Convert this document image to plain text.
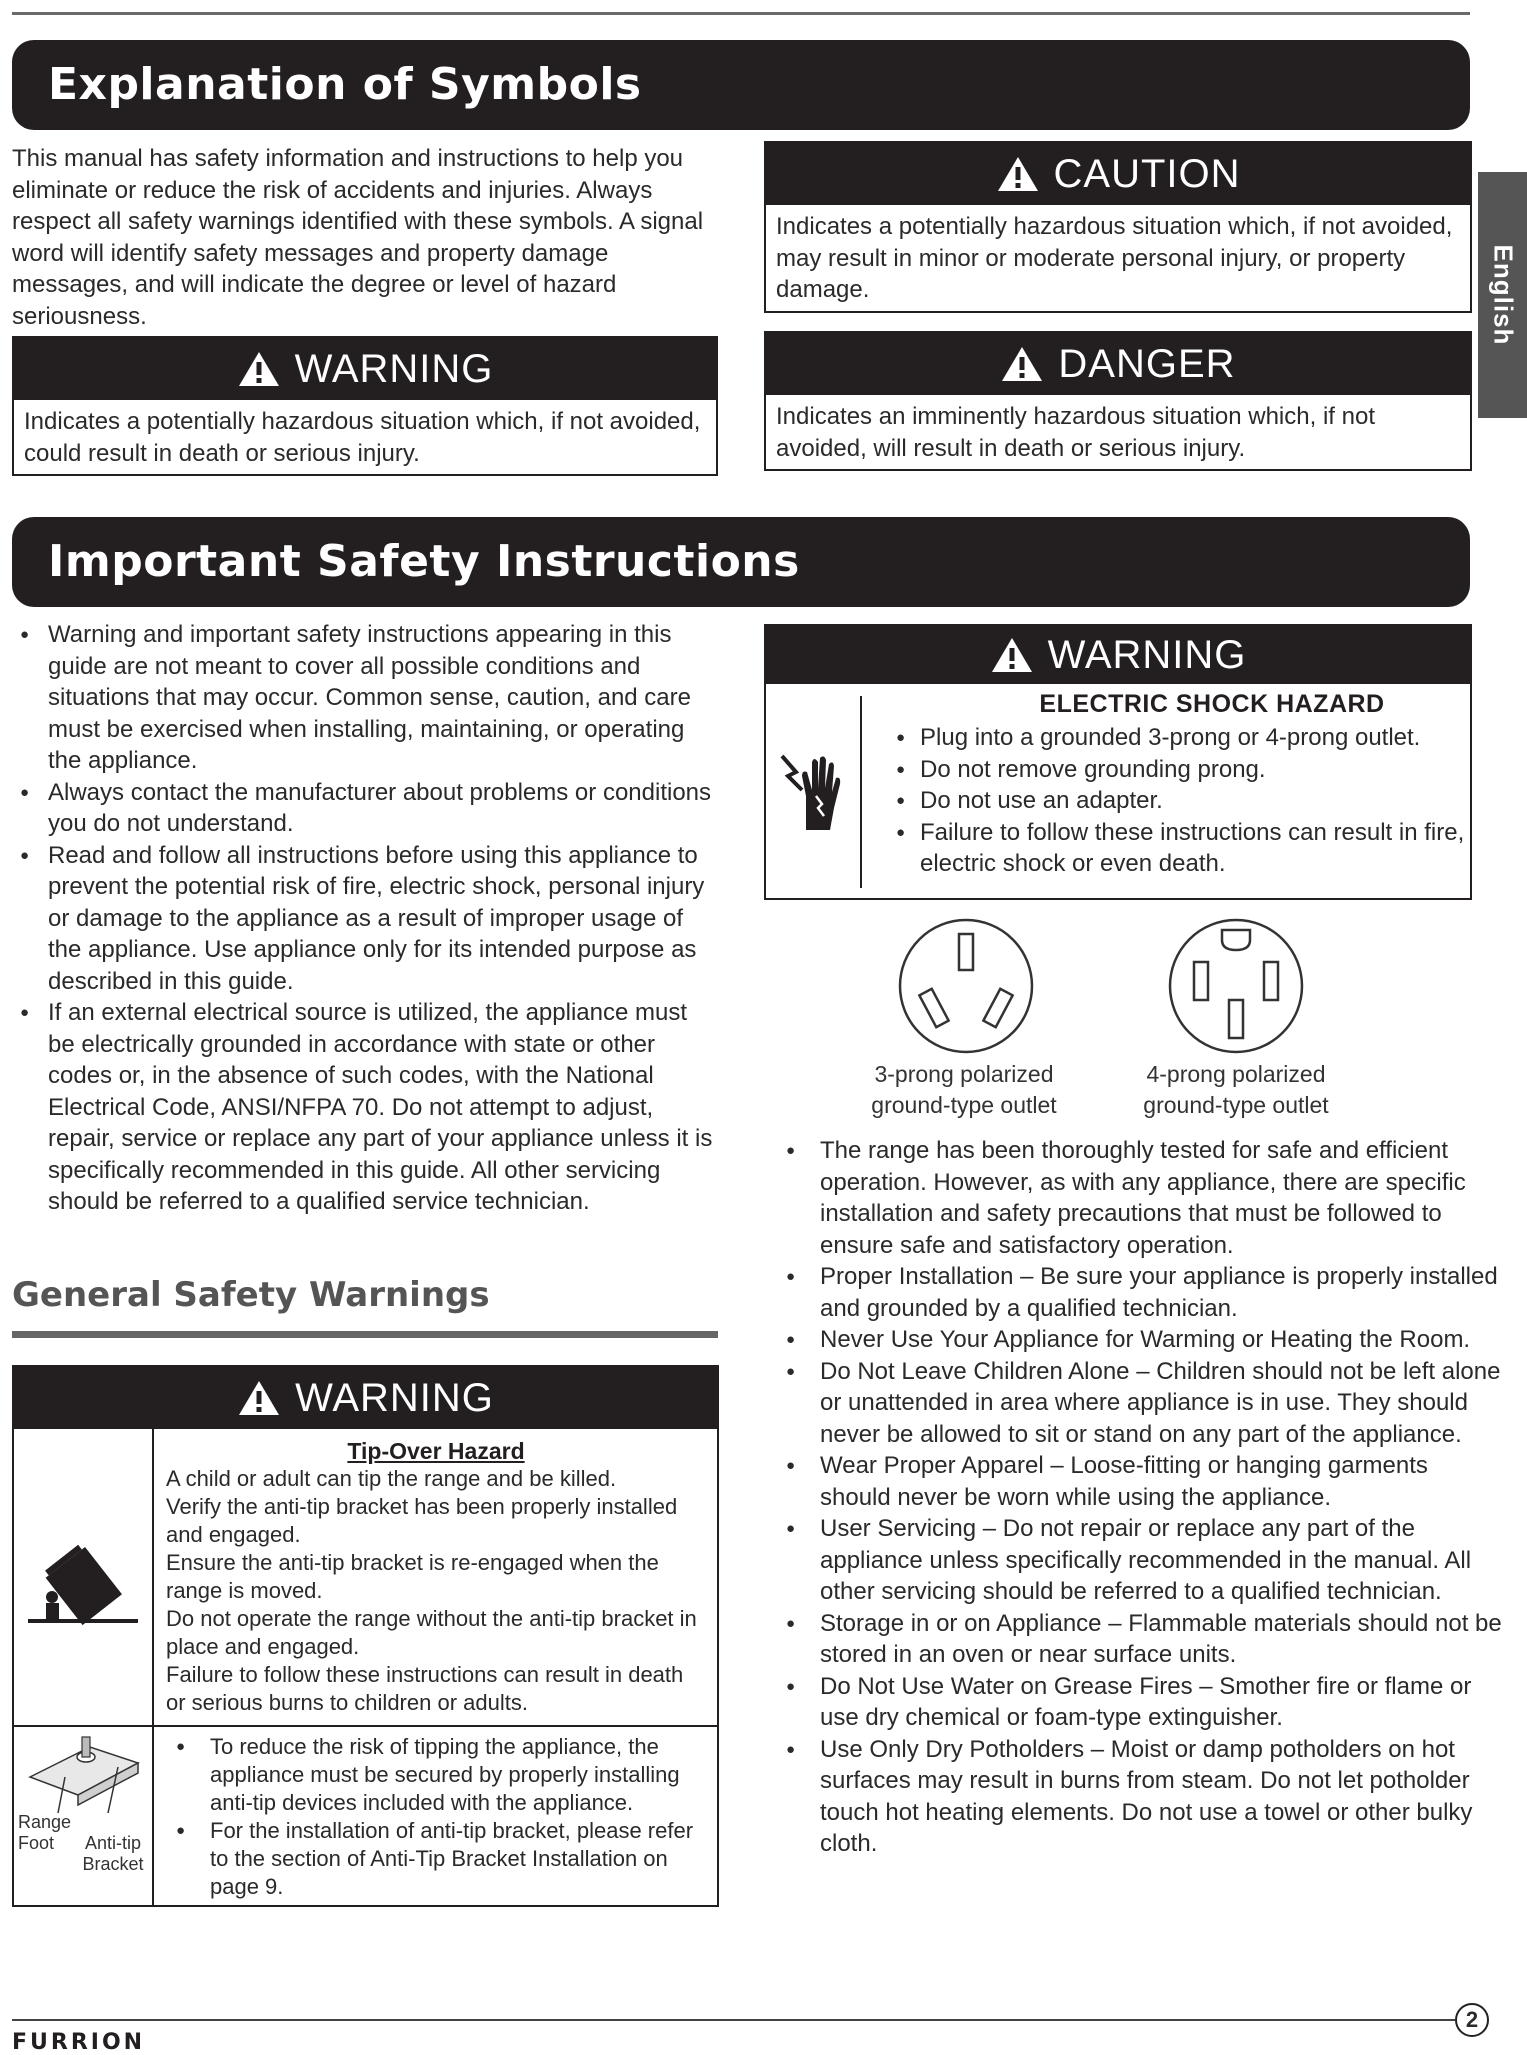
Explanation of Symbols
This manual has safety information and instructions to help you eliminate or reduce the risk of accidents and injuries. Always respect all safety warnings identified with these symbols. A signal word will identify safety messages and property damage messages, and will indicate the degree or level of hazard seriousness.
WARNING
Indicates a potentially hazardous situation which, if not avoided, could result in death or serious injury.
CAUTION
Indicates a potentially hazardous situation which, if not avoided, may result in minor or moderate personal injury, or property damage.
DANGER
Indicates an imminently hazardous situation which, if not avoided, will result in death or serious injury.
English
Important Safety Instructions
● Warning and important safety instructions appearing in this guide are not meant to cover all possible conditions and situations that may occur. Common sense, caution, and care must be exercised when installing, maintaining, or operating the appliance.
● Always contact the manufacturer about problems or conditions you do not understand.
● Read and follow all instructions before using this appliance to prevent the potential risk of fire, electric shock, personal injury or damage to the appliance as a result of improper usage of the appliance. Use appliance only for its intended purpose as described in this guide.
● If an external electrical source is utilized, the appliance must be electrically grounded in accordance with state or other codes or, in the absence of such codes, with the National Electrical Code, ANSI/NFPA 70. Do not attempt to adjust, repair, service or replace any part of your appliance unless it is specifically recommended in this guide. All other servicing should be referred to a qualified service technician.
General Safety Warnings
WARNING
Tip-Over Hazard
A child or adult can tip the range and be killed.
Verify the anti-tip bracket has been properly installed and engaged.
Ensure the anti-tip bracket is re-engaged when the range is moved.
Do not operate the range without the anti-tip bracket in place and engaged.
Failure to follow these instructions can result in death or serious burns to children or adults.
Range Foot	Anti-tip Bracket
● To reduce the risk of tipping the appliance, the appliance must be secured by properly installing anti-tip devices included with the appliance.
● For the installation of anti-tip bracket, please refer to the section of Anti-Tip Bracket Installation on page 9.
WARNING
ELECTRIC SHOCK HAZARD
● Plug into a grounded 3-prong or 4-prong outlet.
● Do not remove grounding prong.
● Do not use an adapter.
● Failure to follow these instructions can result in fire, electric shock or even death.
3-prong polarized ground-type outlet
4-prong polarized ground-type outlet
● The range has been thoroughly tested for safe and efficient operation. However, as with any appliance, there are specific installation and safety precautions that must be followed to ensure safe and satisfactory operation.
● Proper Installation – Be sure your appliance is properly installed and grounded by a qualified technician.
● Never Use Your Appliance for Warming or Heating the Room.
● Do Not Leave Children Alone – Children should not be left alone or unattended in area where appliance is in use. They should never be allowed to sit or stand on any part of the appliance.
● Wear Proper Apparel – Loose-fitting or hanging garments should never be worn while using the appliance.
● User Servicing – Do not repair or replace any part of the appliance unless specifically recommended in the manual. All other servicing should be referred to a qualified technician.
● Storage in or on Appliance – Flammable materials should not be stored in an oven or near surface units.
● Do Not Use Water on Grease Fires – Smother fire or flame or use dry chemical or foam-type extinguisher.
● Use Only Dry Potholders – Moist or damp potholders on hot surfaces may result in burns from steam. Do not let potholder touch hot heating elements. Do not use a towel or other bulky cloth.
2
FURRION
